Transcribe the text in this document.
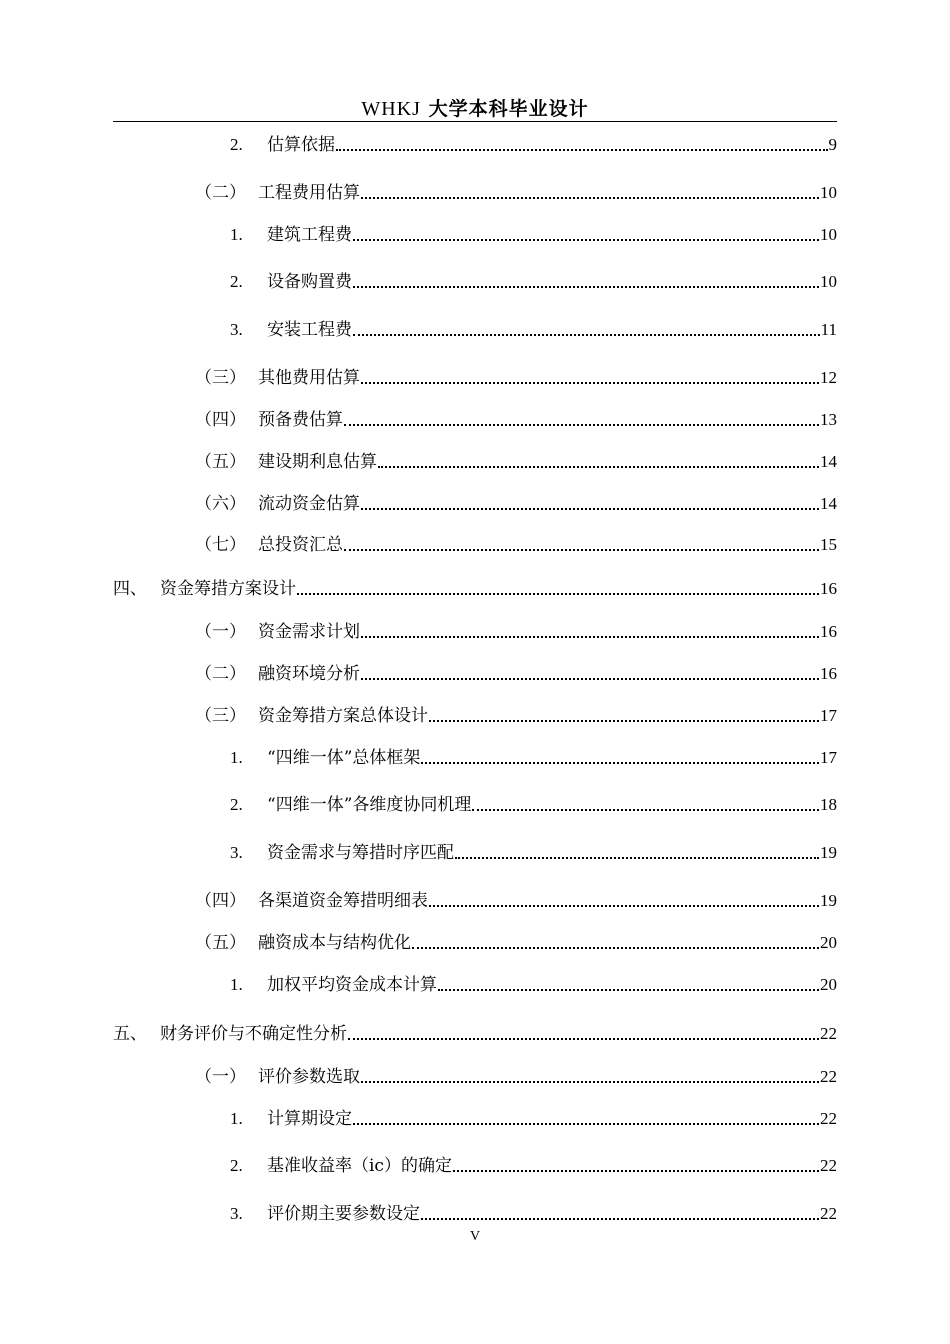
WHKJ 大学本科毕业设计
2.	估算依据	9
（二） 工程费用估算	10
1.	建筑工程费	10
2.	设备购置费	10
3.	安装工程费	11
（三） 其他费用估算	12
（四） 预备费估算	13
（五） 建设期利息估算	14
（六） 流动资金估算	14
（七） 总投资汇总	15
四、 资金筹措方案设计	16
（一） 资金需求计划	16
（二） 融资环境分析	16
（三） 资金筹措方案总体设计	17
1.	“四维一体”总体框架	17
2.	“四维一体”各维度协同机理	18
3.	资金需求与筹措时序匹配	19
（四） 各渠道资金筹措明细表	19
（五） 融资成本与结构优化	20
1.	加权平均资金成本计算	20
五、 财务评价与不确定性分析	22
（一） 评价参数选取	22
1.	计算期设定	22
2.	基准收益率（ic）的确定	22
3.	评价期主要参数设定	22
V
